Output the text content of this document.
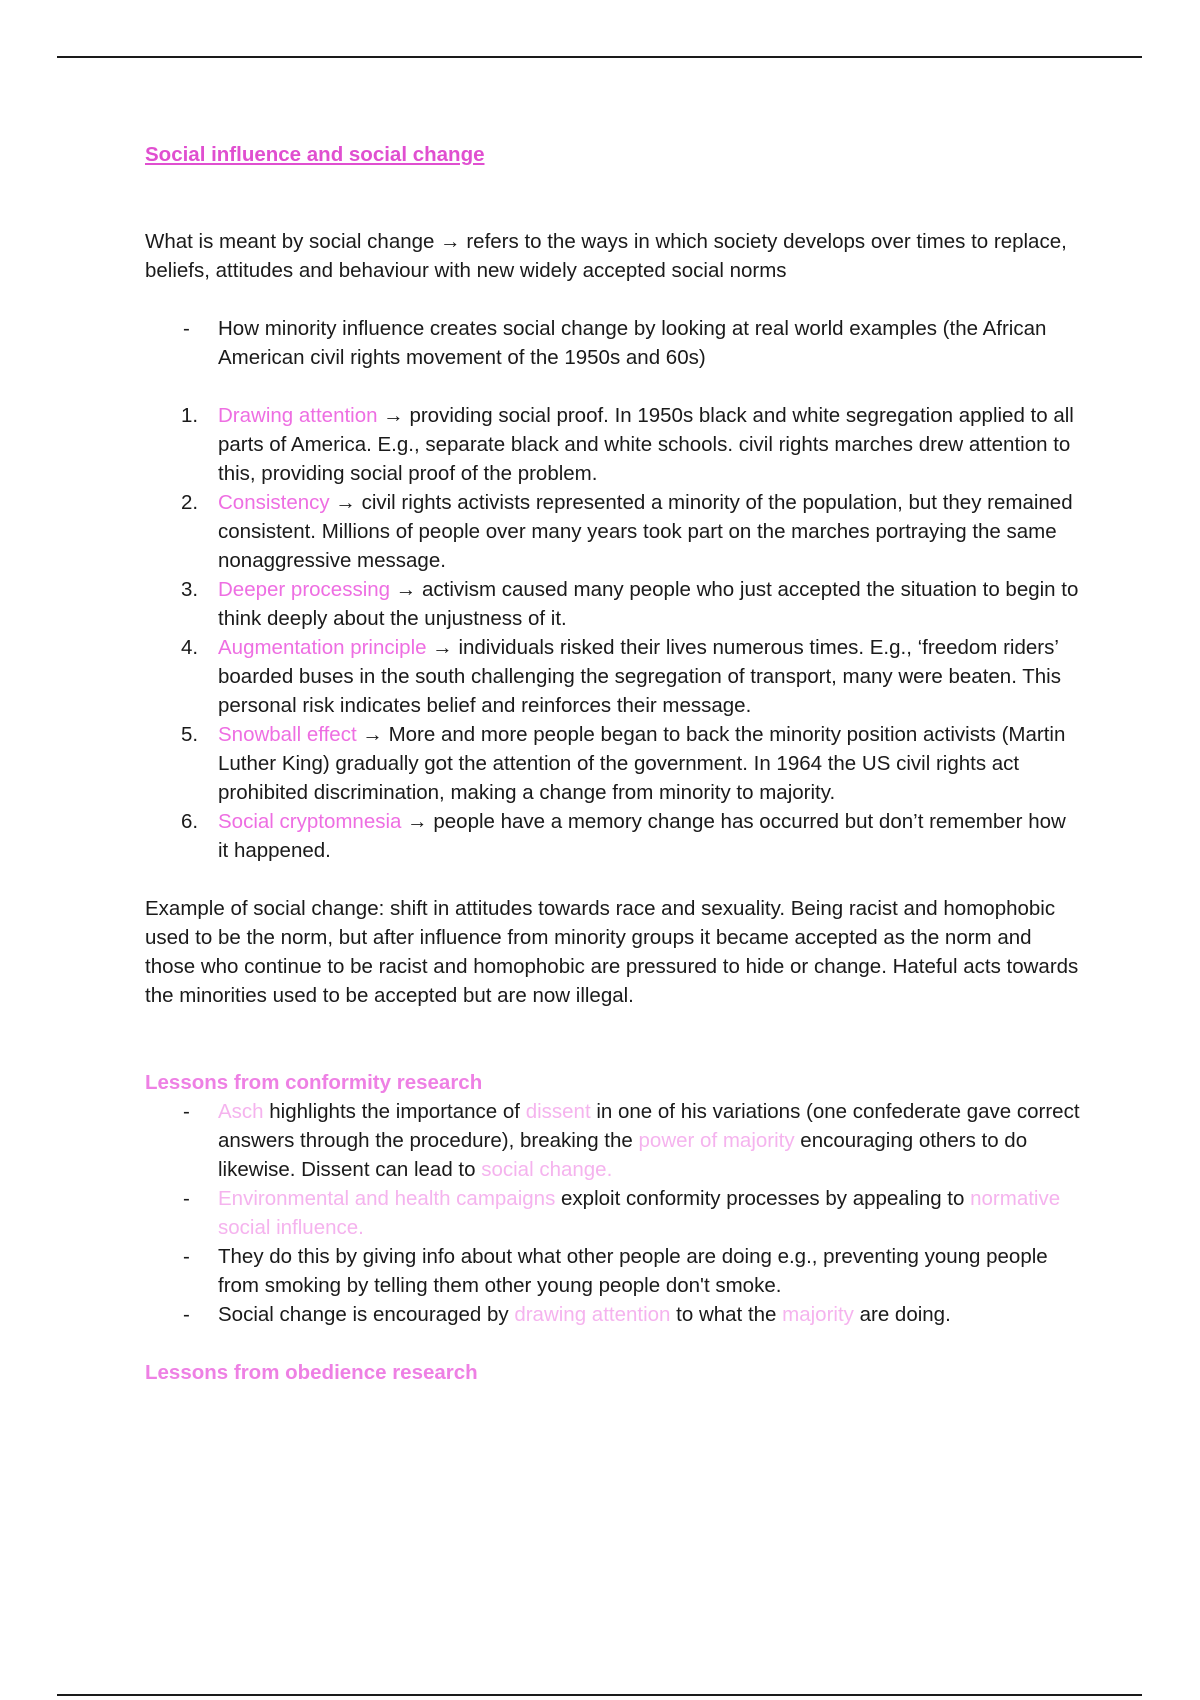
Social influence and social change

What is meant by social change → refers to the ways in which society develops over times to replace, beliefs, attitudes and behaviour with new widely accepted social norms

- How minority influence creates social change by looking at real world examples (the African American civil rights movement of the 1950s and 60s)
1. Drawing attention → providing social proof. In 1950s black and white segregation applied to all parts of America. E.g., separate black and white schools. civil rights marches drew attention to this, providing social proof of the problem.
2. Consistency → civil rights activists represented a minority of the population, but they remained consistent. Millions of people over many years took part on the marches portraying the same nonaggressive message.
3. Deeper processing → activism caused many people who just accepted the situation to begin to think deeply about the unjustness of it.
4. Augmentation principle → individuals risked their lives numerous times. E.g., ‘freedom riders’ boarded buses in the south challenging the segregation of transport, many were beaten. This personal risk indicates belief and reinforces their message.
5. Snowball effect → More and more people began to back the minority position activists (Martin Luther King) gradually got the attention of the government. In 1964 the US civil rights act prohibited discrimination, making a change from minority to majority.
6. Social cryptomnesia → people have a memory change has occurred but don’t remember how it happened.

Example of social change: shift in attitudes towards race and sexuality. Being racist and homophobic used to be the norm, but after influence from minority groups it became accepted as the norm and those who continue to be racist and homophobic are pressured to hide or change. Hateful acts towards the minorities used to be accepted but are now illegal.

Lessons from conformity research
- Asch highlights the importance of dissent in one of his variations (one confederate gave correct answers through the procedure), breaking the power of majority encouraging others to do likewise. Dissent can lead to social change.
- Environmental and health campaigns exploit conformity processes by appealing to normative social influence.
- They do this by giving info about what other people are doing e.g., preventing young people from smoking by telling them other young people don't smoke.
- Social change is encouraged by drawing attention to what the majority are doing.
Lessons from obedience research
